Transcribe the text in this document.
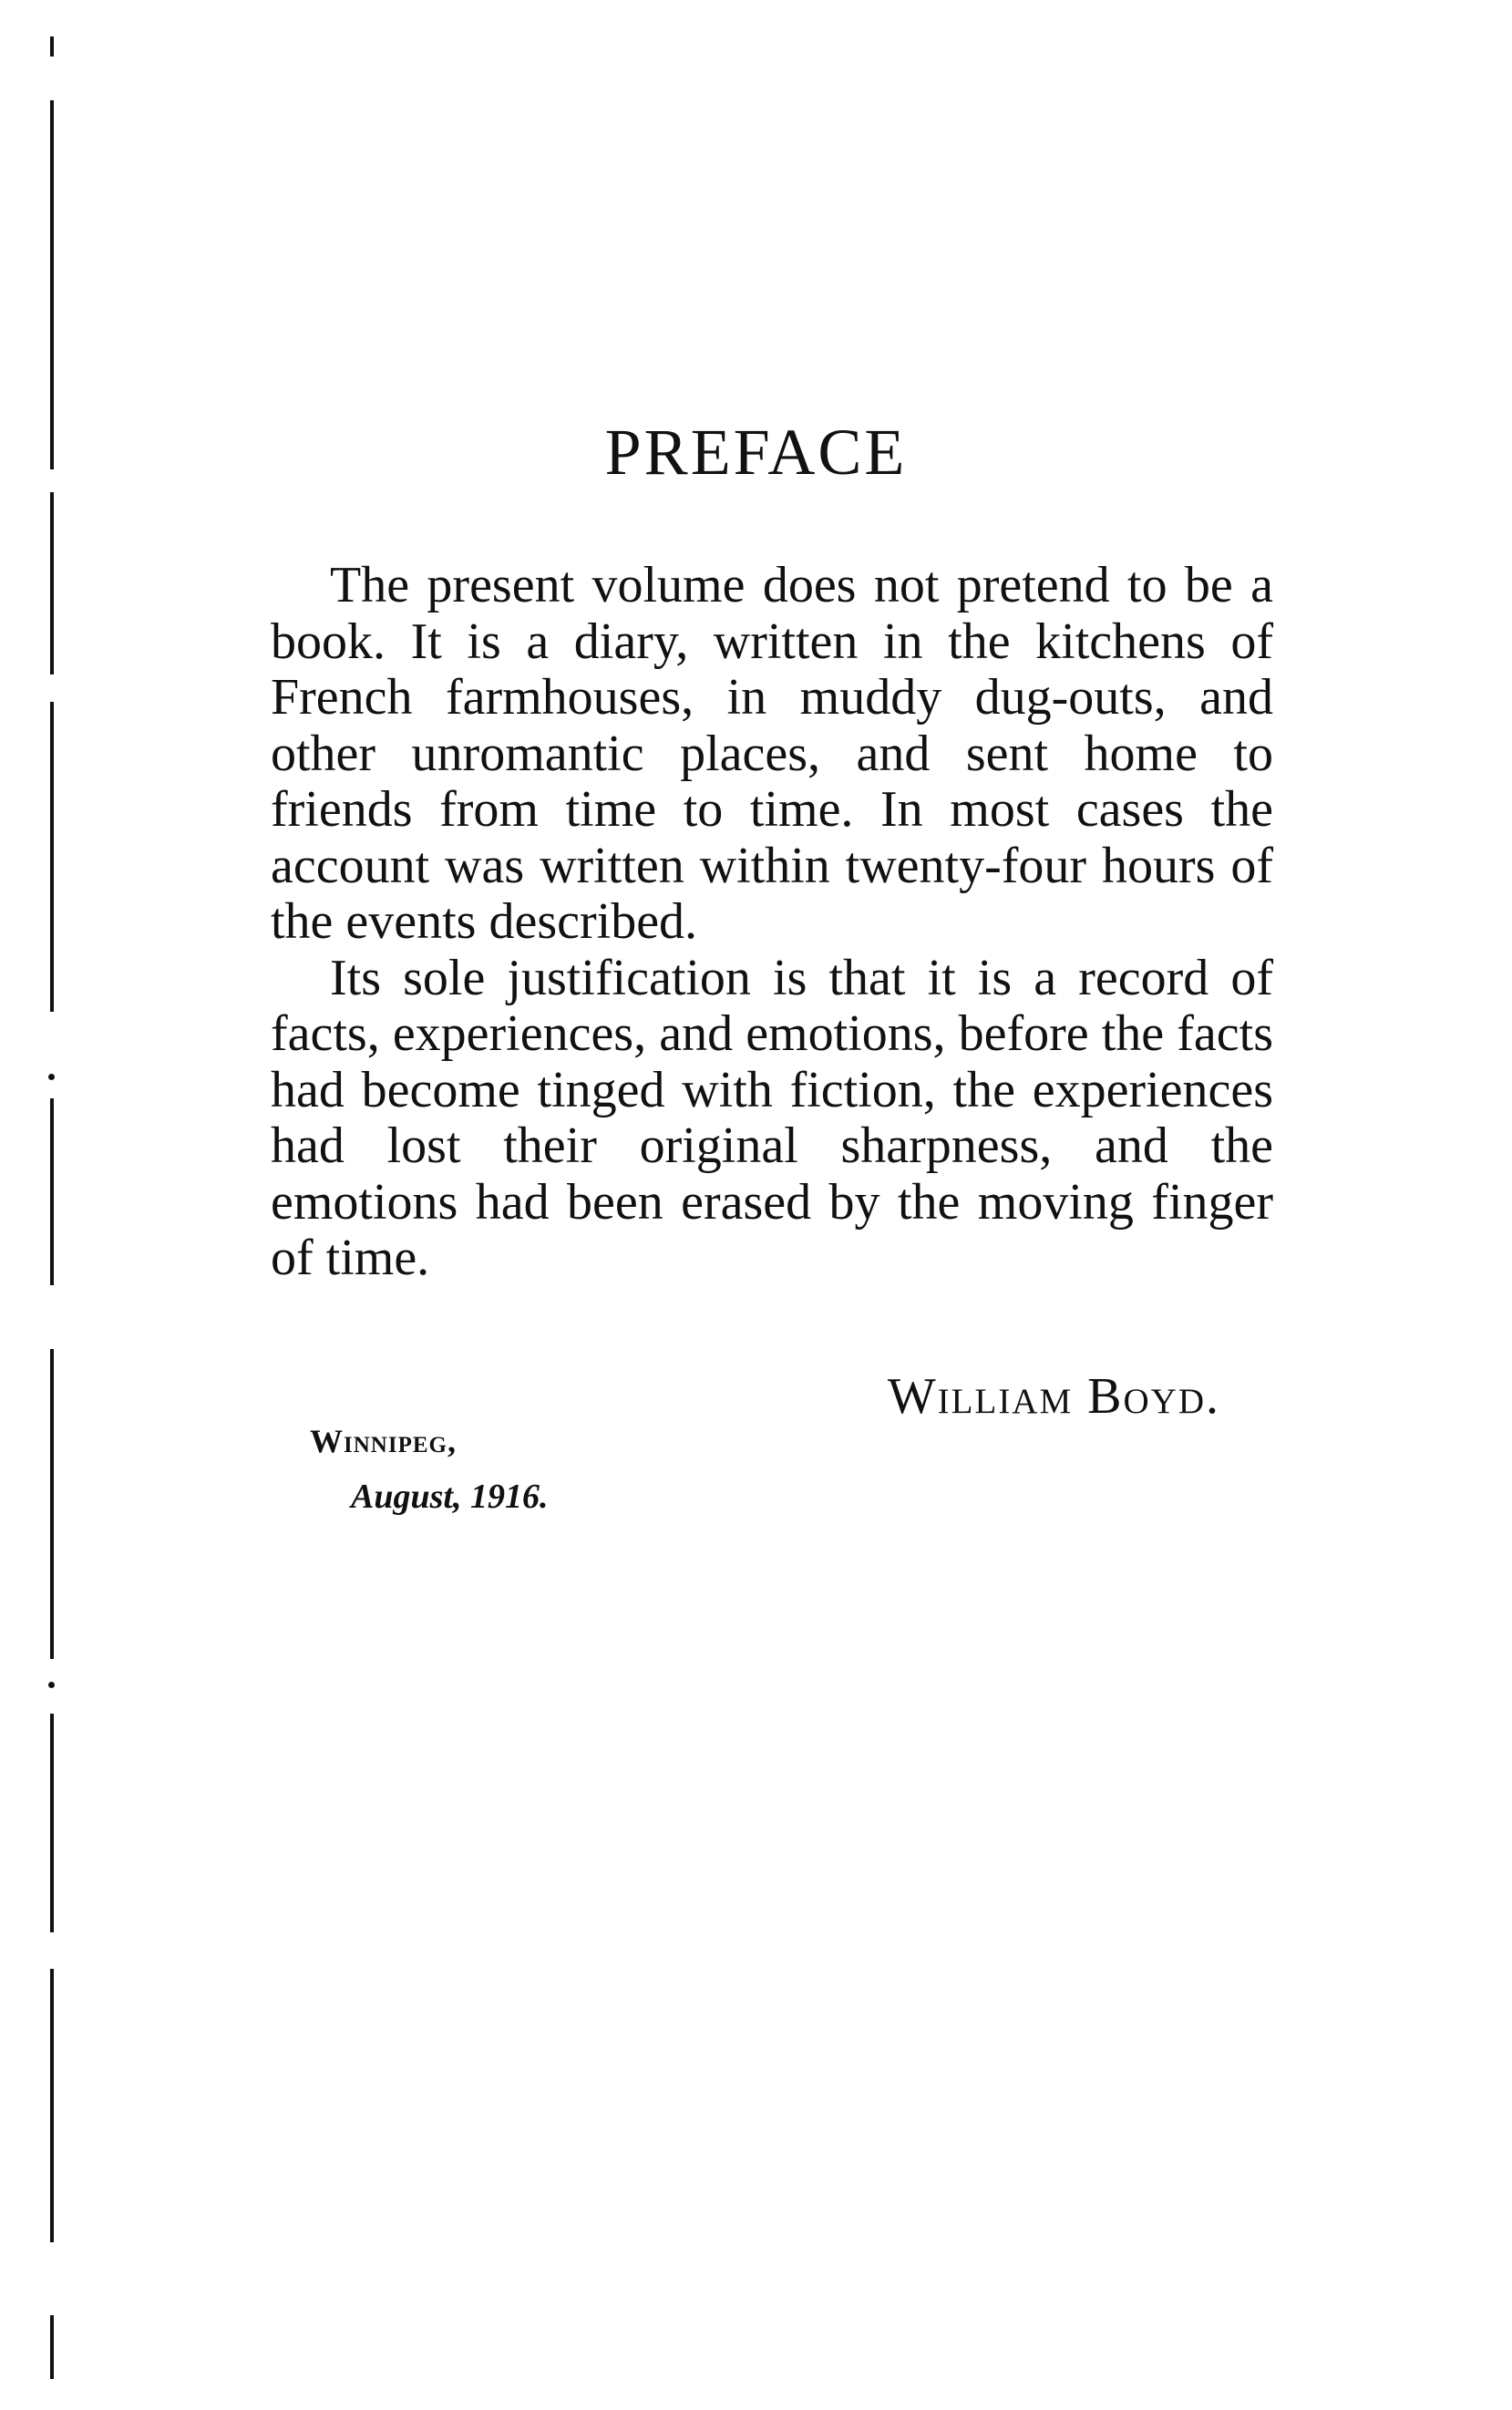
PREFACE

The present volume does not pretend to be a book. It is a diary, written in the kitchens of French farmhouses, in muddy dug-outs, and other unromantic places, and sent home to friends from time to time. In most cases the account was written within twenty-four hours of the events described.

Its sole justification is that it is a record of facts, experiences, and emotions, before the facts had become tinged with fiction, the experiences had lost their original sharpness, and the emotions had been erased by the moving finger of time.

William Boyd.
Winnipeg,
August, 1916.
